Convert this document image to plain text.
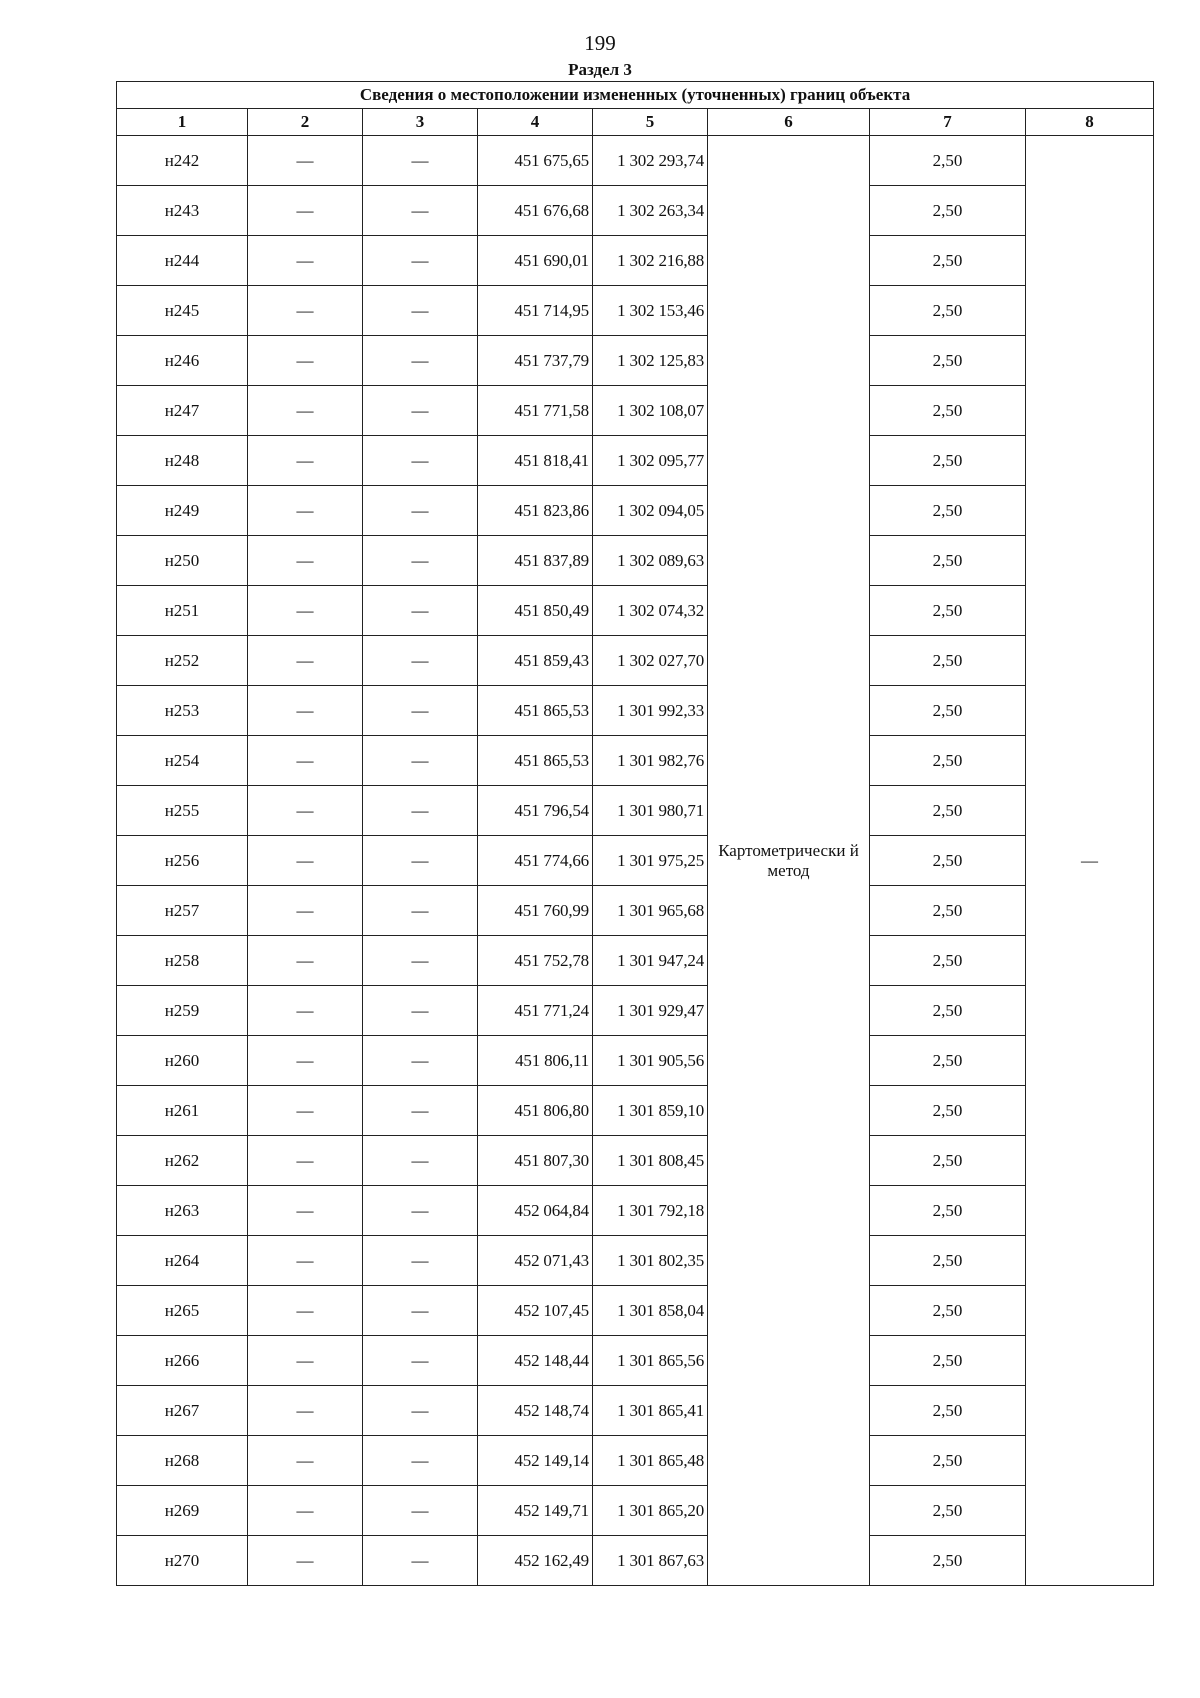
199
Раздел 3
Сведения о местоположении измененных (уточненных) границ объекта							
1	2	3	4	5	6	7	8
н242	—	—	451 675,65	1 302 293,74	Картометрически й метод	2,50	—
н243	—	—	451 676,68	1 302 263,34		2,50	
н244	—	—	451 690,01	1 302 216,88		2,50	
н245	—	—	451 714,95	1 302 153,46		2,50	
н246	—	—	451 737,79	1 302 125,83		2,50	
н247	—	—	451 771,58	1 302 108,07		2,50	
н248	—	—	451 818,41	1 302 095,77		2,50	
н249	—	—	451 823,86	1 302 094,05		2,50	
н250	—	—	451 837,89	1 302 089,63		2,50	
н251	—	—	451 850,49	1 302 074,32		2,50	
н252	—	—	451 859,43	1 302 027,70		2,50	
н253	—	—	451 865,53	1 301 992,33		2,50	
н254	—	—	451 865,53	1 301 982,76		2,50	
н255	—	—	451 796,54	1 301 980,71		2,50	
н256	—	—	451 774,66	1 301 975,25		2,50	
н257	—	—	451 760,99	1 301 965,68		2,50	
н258	—	—	451 752,78	1 301 947,24		2,50	
н259	—	—	451 771,24	1 301 929,47		2,50	
н260	—	—	451 806,11	1 301 905,56		2,50	
н261	—	—	451 806,80	1 301 859,10		2,50	
н262	—	—	451 807,30	1 301 808,45		2,50	
н263	—	—	452 064,84	1 301 792,18		2,50	
н264	—	—	452 071,43	1 301 802,35		2,50	
н265	—	—	452 107,45	1 301 858,04		2,50	
н266	—	—	452 148,44	1 301 865,56		2,50	
н267	—	—	452 148,74	1 301 865,41		2,50	
н268	—	—	452 149,14	1 301 865,48		2,50	
н269	—	—	452 149,71	1 301 865,20		2,50	
н270	—	—	452 162,49	1 301 867,63		2,50	
